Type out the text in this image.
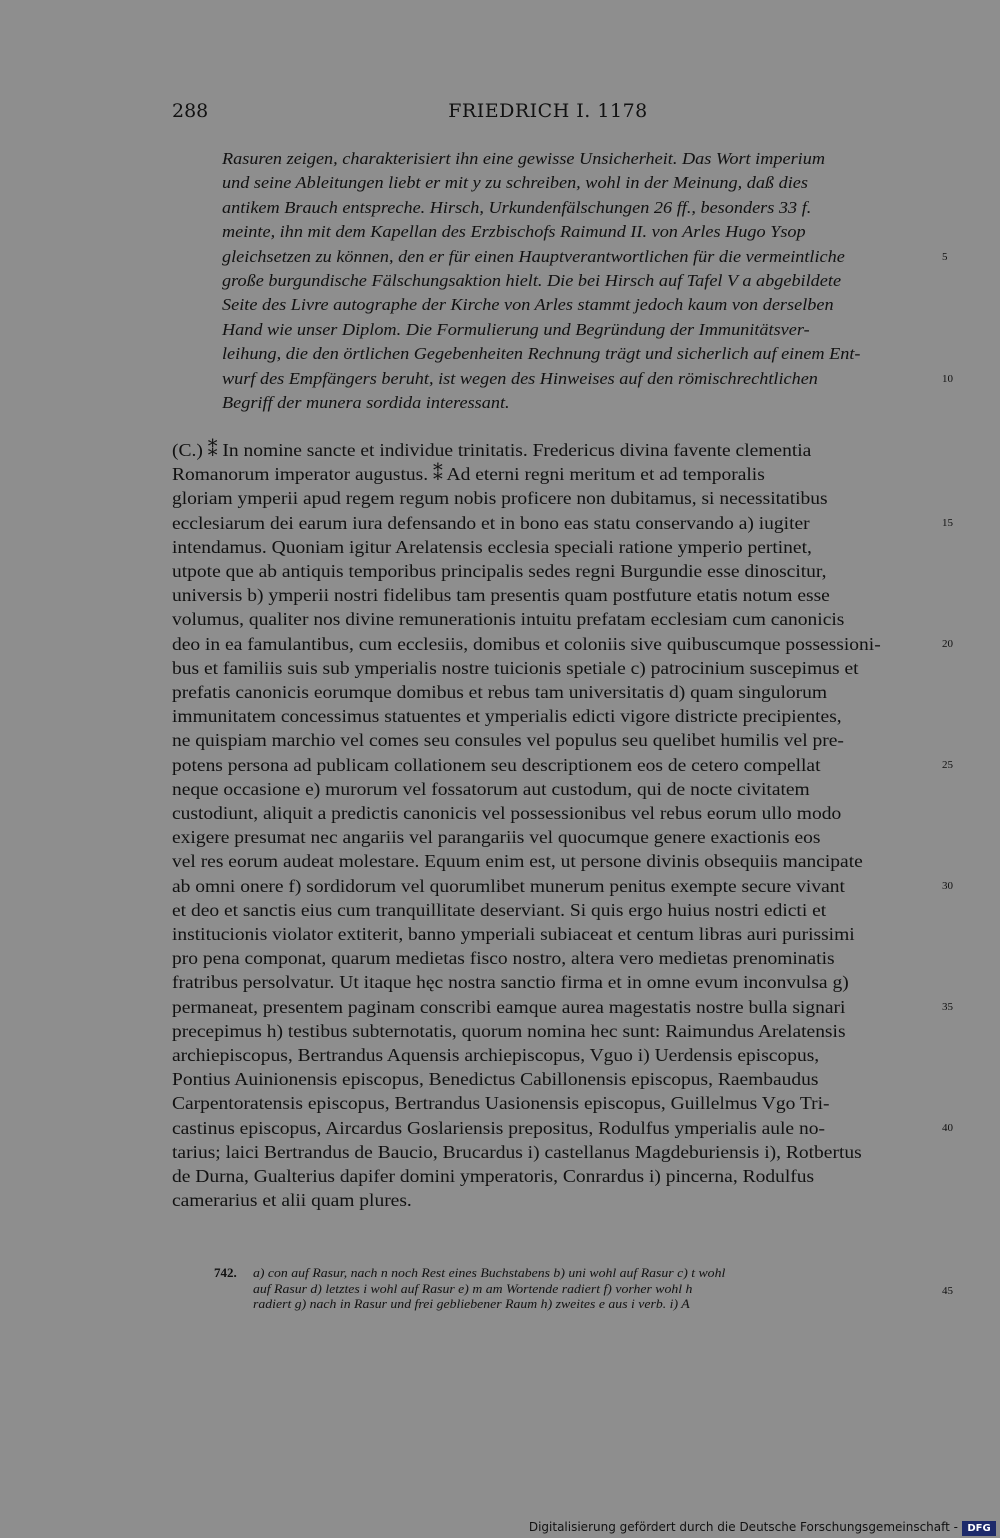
288	FRIEDRICH I. 1178
Rasuren zeigen, charakterisiert ihn eine gewisse Unsicherheit. Das Wort imperium
und seine Ableitungen liebt er mit y zu schreiben, wohl in der Meinung, daß dies
antikem Brauch entspreche. Hirsch, Urkundenfälschungen 26 ff., besonders 33 f.
meinte, ihn mit dem Kapellan des Erzbischofs Raimund II. von Arles Hugo Ysop
gleichsetzen zu können, den er für einen Hauptverantwortlichen für die vermeintliche
große burgundische Fälschungsaktion hielt. Die bei Hirsch auf Tafel V a abgebildete
Seite des Livre autographe der Kirche von Arles stammt jedoch kaum von derselben
Hand wie unser Diplom. Die Formulierung und Begründung der Immunitätsver-
leihung, die den örtlichen Gegebenheiten Rechnung trägt und sicherlich auf einem Ent-
wurf des Empfängers beruht, ist wegen des Hinweises auf den römischrechtlichen
Begriff der munera sordida interessant.
5
10
(C.) ⁑ In nomine sancte et individue trinitatis. Fredericus divina favente clementia
Romanorum imperator augustus. ⁑ Ad eterni regni meritum et ad temporalis
gloriam ymperii apud regem regum nobis proficere non dubitamus, si necessitatibus
ecclesiarum dei earum iura defensando et in bono eas statu conservando a) iugiter
intendamus. Quoniam igitur Arelatensis ecclesia speciali ratione ymperio pertinet,
utpote que ab antiquis temporibus principalis sedes regni Burgundie esse dinoscitur,
universis b) ymperii nostri fidelibus tam presentis quam postfuture etatis notum esse
volumus, qualiter nos divine remunerationis intuitu prefatam ecclesiam cum canonicis
deo in ea famulantibus, cum ecclesiis, domibus et coloniis sive quibuscumque possessioni-
bus et familiis suis sub ymperialis nostre tuicionis spetiale c) patrocinium suscepimus et
prefatis canonicis eorumque domibus et rebus tam universitatis d) quam singulorum
immunitatem concessimus statuentes et ymperialis edicti vigore districte precipientes,
ne quispiam marchio vel comes seu consules vel populus seu quelibet humilis vel pre-
potens persona ad publicam collationem seu descriptionem eos de cetero compellat
neque occasione e) murorum vel fossatorum aut custodum, qui de nocte civitatem
custodiunt, aliquit a predictis canonicis vel possessionibus vel rebus eorum ullo modo
exigere presumat nec angariis vel parangariis vel quocumque genere exactionis eos
vel res eorum audeat molestare. Equum enim est, ut persone divinis obsequiis mancipate
ab omni onere f) sordidorum vel quorumlibet munerum penitus exempte secure vivant
et deo et sanctis eius cum tranquillitate deserviant. Si quis ergo huius nostri edicti et
institucionis violator extiterit, banno ymperiali subiaceat et centum libras auri purissimi
pro pena componat, quarum medietas fisco nostro, altera vero medietas prenominatis
fratribus persolvatur. Ut itaque hęc nostra sanctio firma et in omne evum inconvulsa g)
permaneat, presentem paginam conscribi eamque aurea magestatis nostre bulla signari
precepimus h) testibus subternotatis, quorum nomina hec sunt: Raimundus Arelatensis
archiepiscopus, Bertrandus Aquensis archiepiscopus, Vguo i) Uerdensis episcopus,
Pontius Auinionensis episcopus, Benedictus Cabillonensis episcopus, Raembaudus
Carpentoratensis episcopus, Bertrandus Uasionensis episcopus, Guillelmus Vgo Tri-
castinus episcopus, Aircardus Goslariensis prepositus, Rodulfus ymperialis aule no-
tarius; laici Bertrandus de Baucio, Brucardus i) castellanus Magdeburiensis i), Rotbertus
de Durna, Gualterius dapifer domini ymperatoris, Conrardus i) pincerna, Rodulfus
camerarius et alii quam plures.
15
20
25
30
35
40
742. a) con auf Rasur, nach n noch Rest eines Buchstabens b) uni wohl auf Rasur c) t wohl
auf Rasur d) letztes i wohl auf Rasur e) m am Wortende radiert f) vorher wohl h
radiert g) nach in Rasur und frei gebliebener Raum h) zweites e aus i verb. i) A
45
Digitalisierung gefördert durch die Deutsche Forschungsgemeinschaft - DFG
